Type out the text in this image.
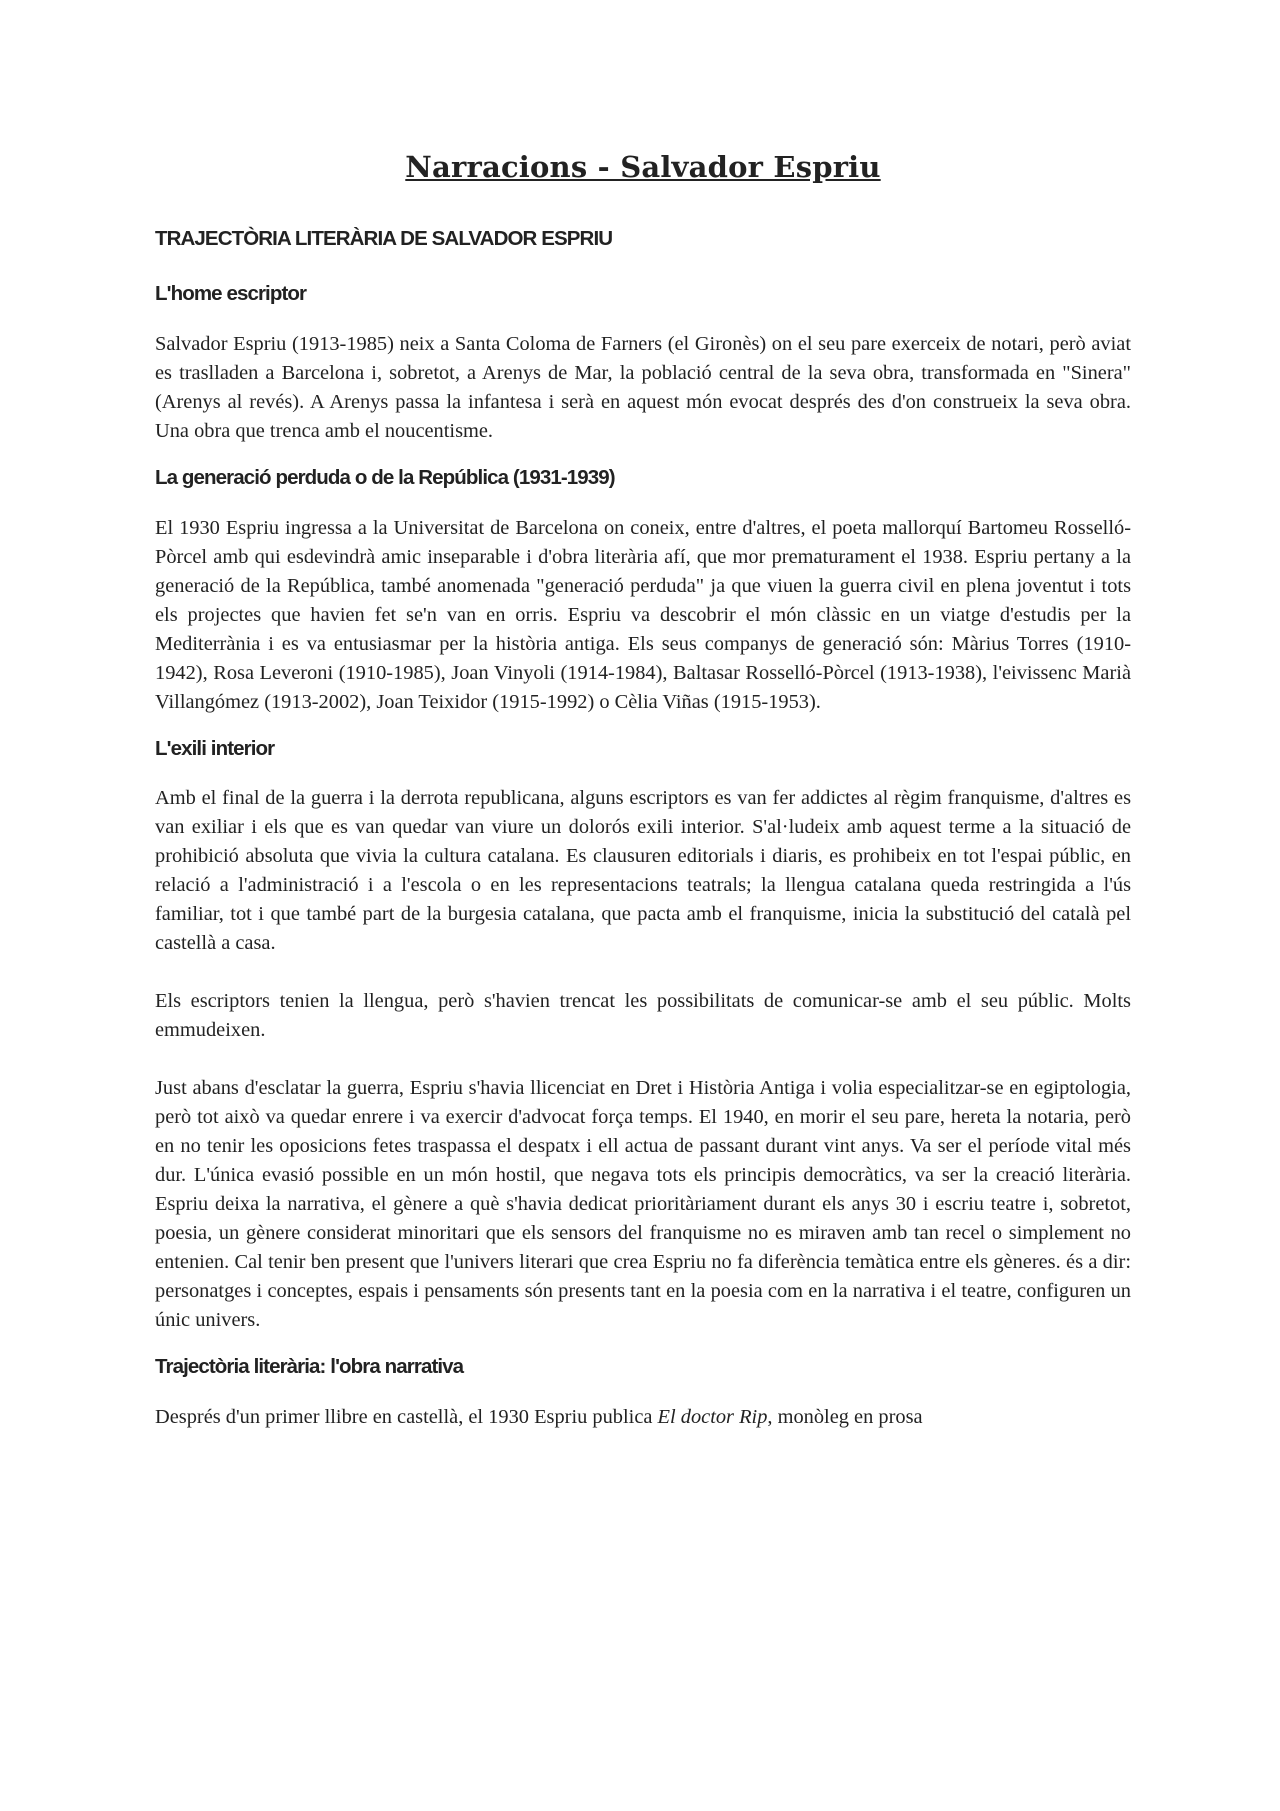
Narracions - Salvador Espriu
TRAJECTÒRIA LITERÀRIA DE SALVADOR ESPRIU
L'home escriptor

Salvador Espriu (1913-1985) neix a Santa Coloma de Farners (el Gironès) on el seu pare exerceix de notari, però aviat es traslladen a Barcelona i, sobretot, a Arenys de Mar, la població central de la seva obra, transformada en "Sinera" (Arenys al revés). A Arenys passa la infantesa i serà en aquest món evocat després des d'on construeix la seva obra. Una obra que trenca amb el noucentisme.

La generació perduda o de la República (1931-1939)

El 1930 Espriu ingressa a la Universitat de Barcelona on coneix, entre d'altres, el poeta mallorquí Bartomeu Rosselló-Pòrcel amb qui esdevindrà amic inseparable i d'obra literària afí, que mor prematurament el 1938. Espriu pertany a la generació de la República, també anomenada "generació perduda" ja que viuen la guerra civil en plena joventut i tots els projectes que havien fet se'n van en orris. Espriu va descobrir el món clàssic en un viatge d'estudis per la Mediterrània i es va entusiasmar per la història antiga. Els seus companys de generació són: Màrius Torres (1910-1942), Rosa Leveroni (1910-1985), Joan Vinyoli (1914-1984), Baltasar Rosselló-Pòrcel (1913-1938), l'eivissenc Marià Villangómez (1913-2002), Joan Teixidor (1915-1992) o Cèlia Viñas (1915-1953).

L'exili interior

Amb el final de la guerra i la derrota republicana, alguns escriptors es van fer addictes al règim franquisme, d'altres es van exiliar i els que es van quedar van viure un dolorós exili interior. S'al·ludeix amb aquest terme a la situació de prohibició absoluta que vivia la cultura catalana. Es clausuren editorials i diaris, es prohibeix en tot l'espai públic, en relació a l'administració i a l'escola o en les representacions teatrals; la llengua catalana queda restringida a l'ús familiar, tot i que també part de la burgesia catalana, que pacta amb el franquisme, inicia la substitució del català pel castellà a casa.

Els escriptors tenien la llengua, però s'havien trencat les possibilitats de comunicar-se amb el seu públic. Molts emmudeixen.

Just abans d'esclatar la guerra, Espriu s'havia llicenciat en Dret i Història Antiga i volia especialitzar-se en egiptologia, però tot això va quedar enrere i va exercir d'advocat força temps. El 1940, en morir el seu pare, hereta la notaria, però en no tenir les oposicions fetes traspassa el despatx i ell actua de passant durant vint anys. Va ser el període vital més dur. L'única evasió possible en un món hostil, que negava tots els principis democràtics, va ser la creació literària. Espriu deixa la narrativa, el gènere a què s'havia dedicat prioritàriament durant els anys 30 i escriu teatre i, sobretot, poesia, un gènere considerat minoritari que els sensors del franquisme no es miraven amb tan recel o simplement no entenien. Cal tenir ben present que l'univers literari que crea Espriu no fa diferència temàtica entre els gèneres. és a dir: personatges i conceptes, espais i pensaments són presents tant en la poesia com en la narrativa i el teatre, configuren un únic univers.

Trajectòria literària: l'obra narrativa

Després d'un primer llibre en castellà, el 1930 Espriu publica El doctor Rip, monòleg en prosa
